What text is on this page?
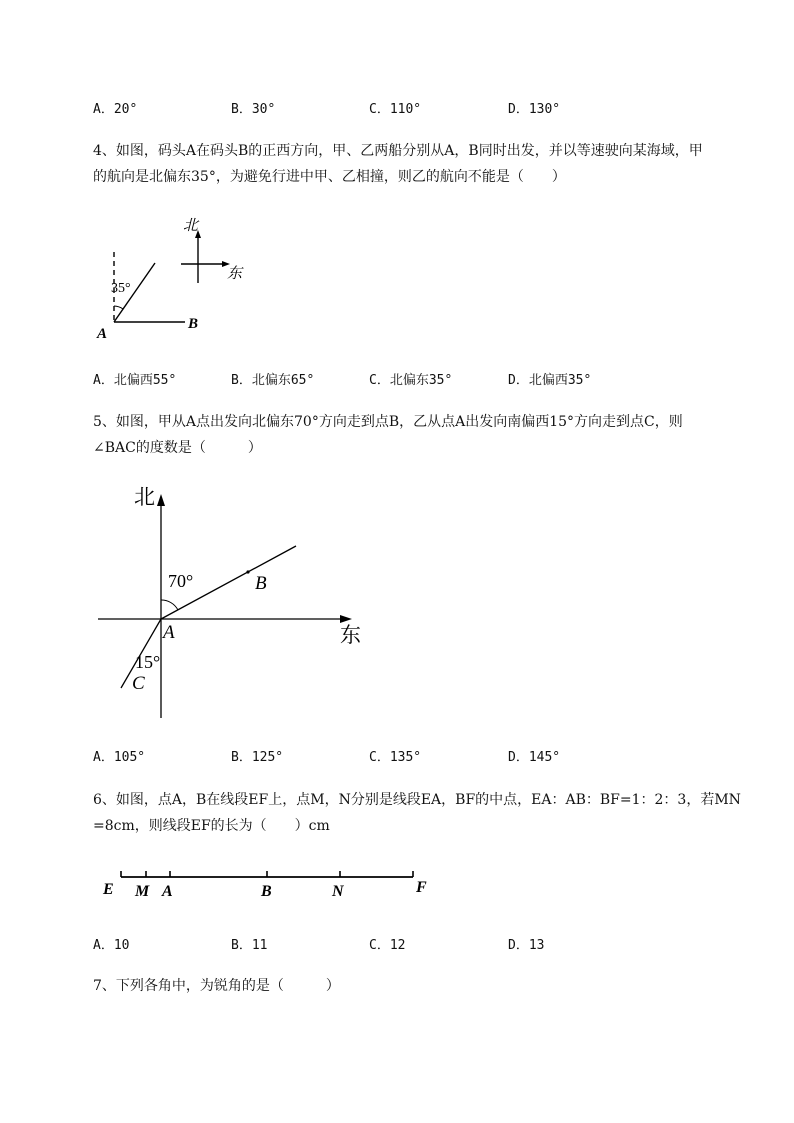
A．20°	B．30°	C．110°	D．130°
4、如图，码头A在码头B的正西方向，甲、乙两船分别从A，B同时出发，并以等速驶向某海域，甲
的航向是北偏东35°，为避免行进中甲、乙相撞，则乙的航向不能是（　　）
北
东
35°
A
B
A．北偏西55°	B．北偏东65°	C．北偏东35°	D．北偏西35°
5、如图，甲从A点出发向北偏东70°方向走到点B，乙从点A出发向南偏西15°方向走到点C，则
∠BAC的度数是（　　　）
北
东
70°
15°
B
A
C
A．105°	B．125°	C．135°	D．145°
6、如图，点A，B在线段EF上，点M，N分别是线段EA，BF的中点，EA：AB：BF=1：2：3，若MN
=8cm，则线段EF的长为（　　）cm
E M A	B	N	F
A．10	B．11	C．12	D．13
7、下列各角中，为锐角的是（　　　）
